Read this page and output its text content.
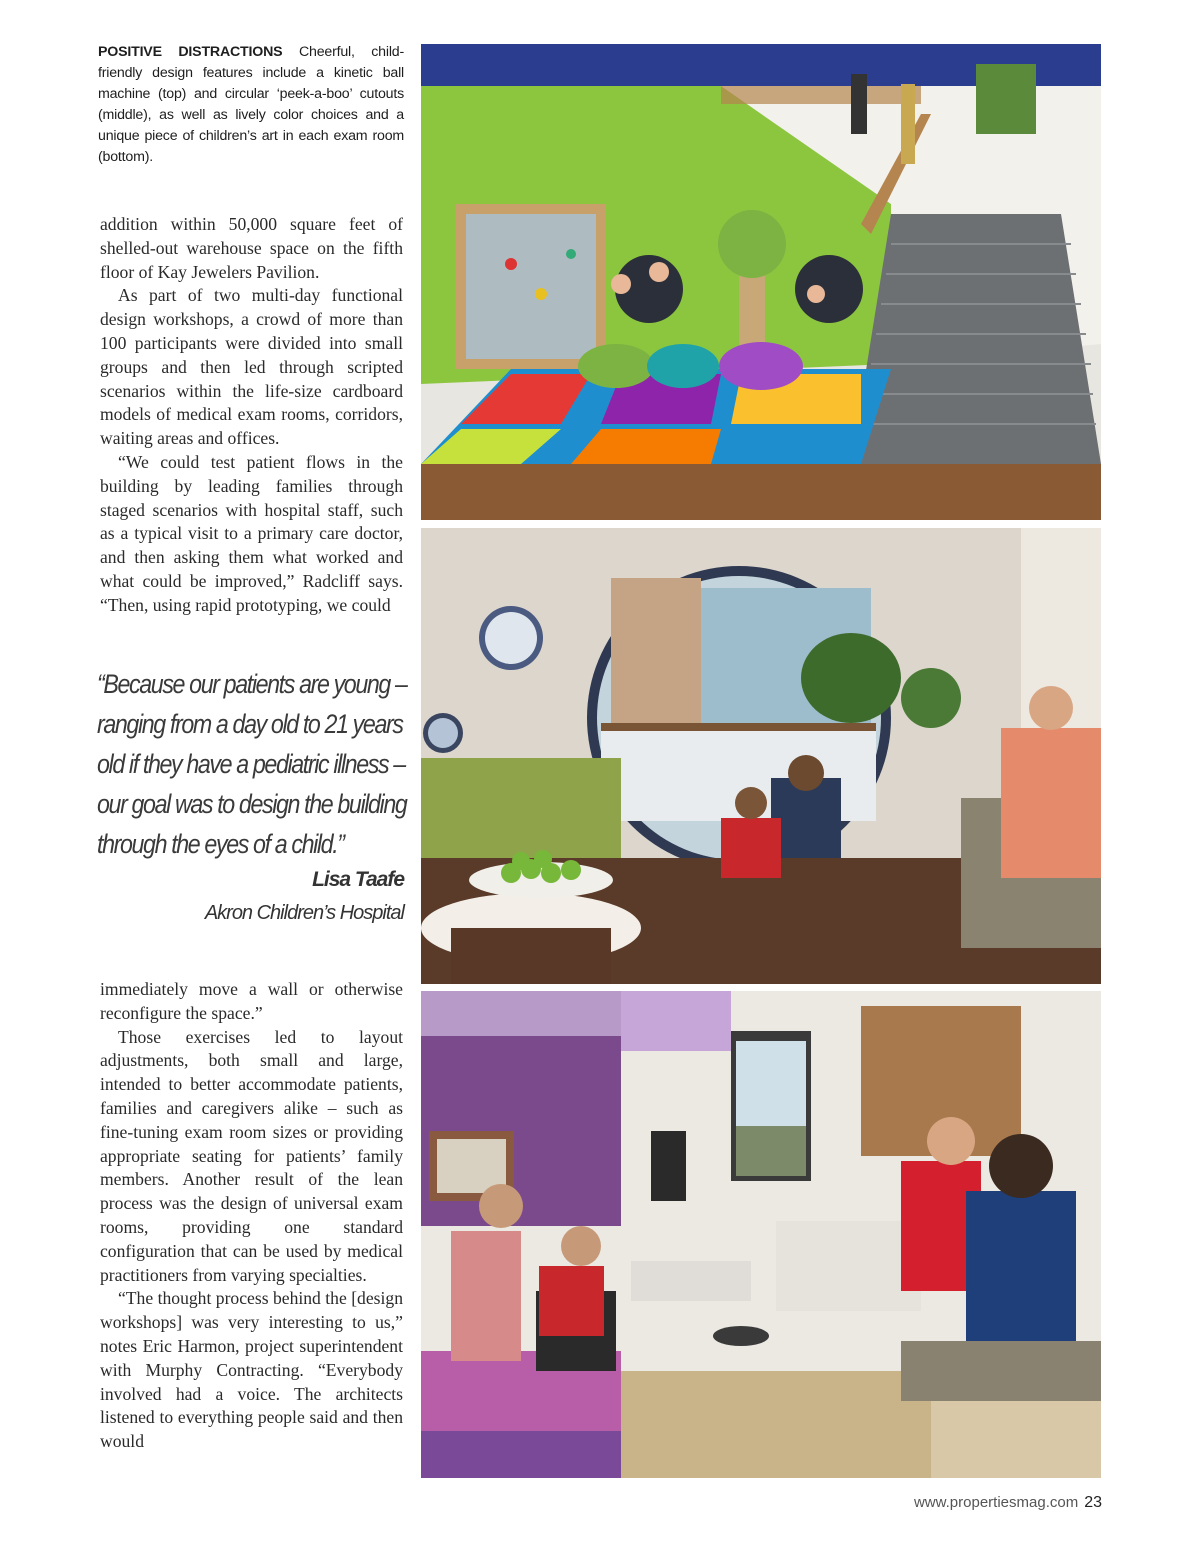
POSITIVE DISTRACTIONS Cheerful, child-friendly design features include a kinetic ball machine (top) and circular ‘peek-a-boo’ cutouts (middle), as well as lively color choices and a unique piece of children’s art in each exam room (bottom).

addition within 50,000 square feet of shelled-out warehouse space on the fifth floor of Kay Jewelers Pavilion.

As part of two multi-day functional design workshops, a crowd of more than 100 participants were divided into small groups and then led through scripted scenarios within the life-size cardboard models of medical exam rooms, corridors, waiting areas and offices.

“We could test patient flows in the building by leading families through staged scenarios with hospital staff, such as a typical visit to a primary care doctor, and then asking them what worked and what could be improved,” Radcliff says. “Then, using rapid prototyping, we could

“Because our patients are young – ranging from a day old to 21 years old if they have a pediatric illness – our goal was to design the building through the eyes of a child.”
Lisa Taafe
Akron Children’s Hospital

immediately move a wall or otherwise reconfigure the space.”

Those exercises led to layout adjustments, both small and large, intended to better accommodate patients, families and caregivers alike – such as fine-tuning exam room sizes or providing appropriate seating for patients’ family members. Another result of the lean process was the design of universal exam rooms, providing one standard configuration that can be used by medical practitioners from varying specialties.

“The thought process behind the [design workshops] was very interesting to us,” notes Eric Harmon, project superintendent with Murphy Contracting. “Everybody involved had a voice. The architects listened to everything people said and then would

www.propertiesmag.com 23
